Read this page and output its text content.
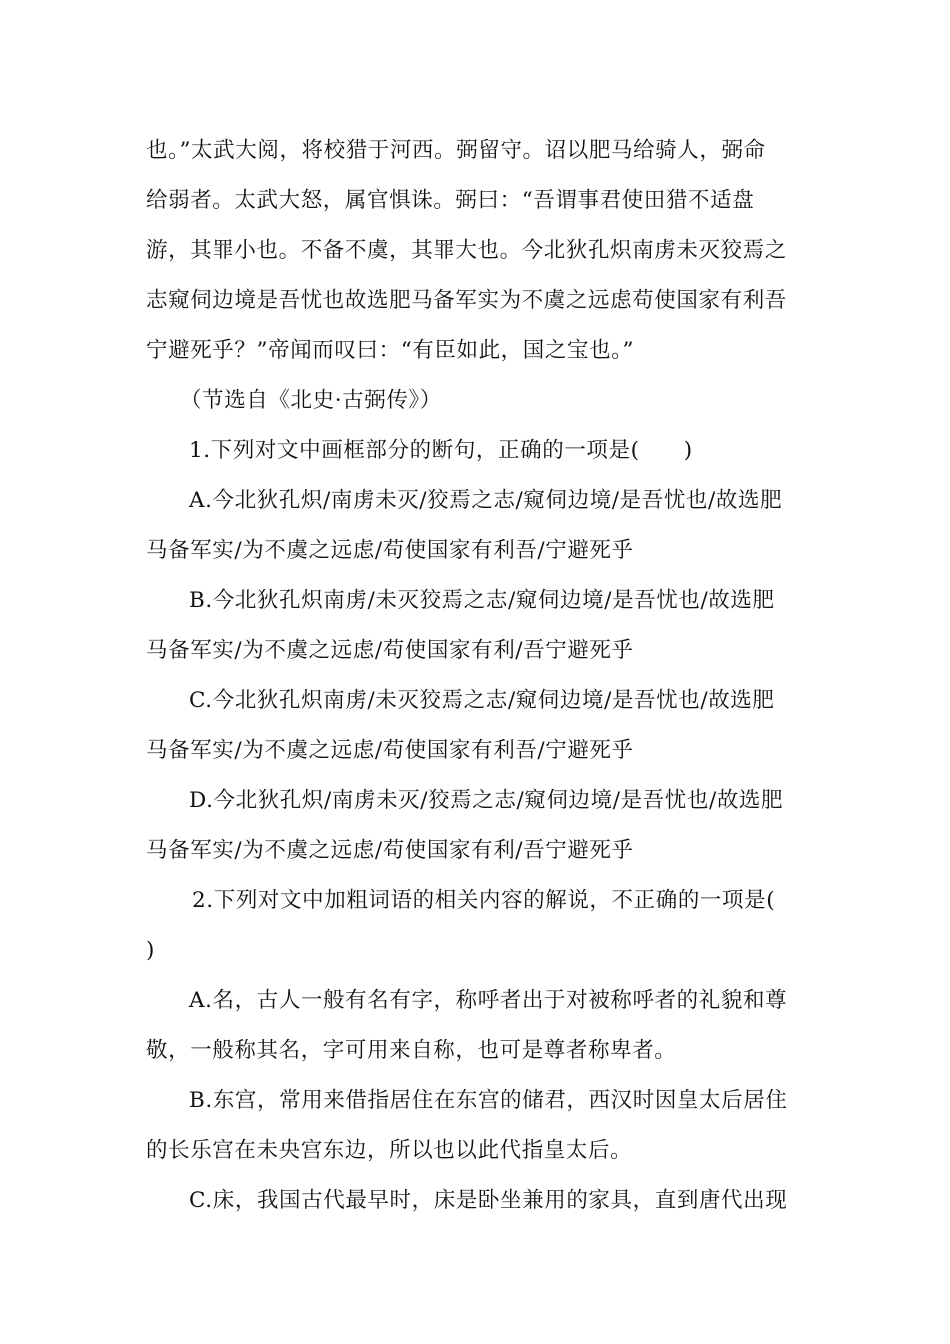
也。”太武大阅，将校猎于河西。弼留守。诏以肥马给骑人，弼命
给弱者。太武大怒，属官惧诛。弼曰：“吾谓事君使田猎不适盘
游，其罪小也。不备不虞，其罪大也。今北狄孔炽南虏未灭狡焉之
志窥伺边境是吾忧也故选肥马备军实为不虞之远虑苟使国家有利吾
宁避死乎？”帝闻而叹曰：“有臣如此，国之宝也。”
（节选自《北史·古弼传》）
1.下列对文中画框部分的断句，正确的一项是(　　)
A.今北狄孔炽/南虏未灭/狡焉之志/窥伺边境/是吾忧也/故选肥
马备军实/为不虞之远虑/苟使国家有利吾/宁避死乎
B.今北狄孔炽南虏/未灭狡焉之志/窥伺边境/是吾忧也/故选肥
马备军实/为不虞之远虑/苟使国家有利/吾宁避死乎
C.今北狄孔炽南虏/未灭狡焉之志/窥伺边境/是吾忧也/故选肥
马备军实/为不虞之远虑/苟使国家有利吾/宁避死乎
D.今北狄孔炽/南虏未灭/狡焉之志/窥伺边境/是吾忧也/故选肥
马备军实/为不虞之远虑/苟使国家有利/吾宁避死乎
2.下列对文中加粗词语的相关内容的解说，不正确的一项是(
)
A.名，古人一般有名有字，称呼者出于对被称呼者的礼貌和尊
敬，一般称其名，字可用来自称，也可是尊者称卑者。
B.东宫，常用来借指居住在东宫的储君，西汉时因皇太后居住
的长乐宫在未央宫东边，所以也以此代指皇太后。
C.床，我国古代最早时，床是卧坐兼用的家具，直到唐代出现
